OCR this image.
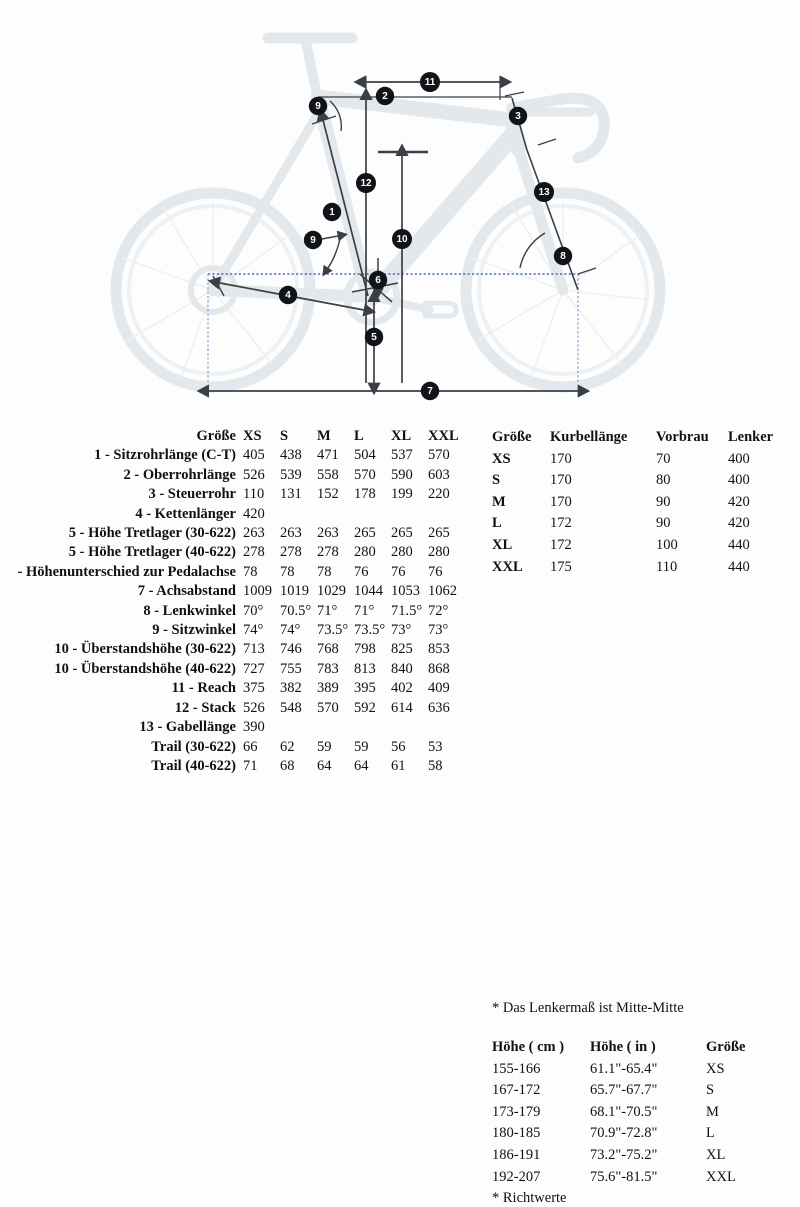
1
2
3
4
5
6
7
8
9
9	10
11
12
13
Größe	XS	S	M	L	XL	XXL
1 - Sitzrohrlänge (C-T)	405	438	471	504	537	570
2 - Oberrohrlänge	526	539	558	570	590	603
3 - Steuerrohr	110	131	152	178	199	220
4 - Kettenlänger	420					
5 - Höhe Tretlager (30-622)	263	263	263	265	265	265
5 - Höhe Tretlager (40-622)	278	278	278	280	280	280
- Höhenunterschied zur Pedalachse	78	78	78	76	76	76
7 - Achsabstand	1009	1019	1029	1044	1053	1062
8 - Lenkwinkel	70°	70.5°	71°	71°	71.5°	72°
9 - Sitzwinkel	74°	74°	73.5°	73.5°	73°	73°
10 - Überstandshöhe (30-622)	713	746	768	798	825	853
10 - Überstandshöhe (40-622)	727	755	783	813	840	868
11 - Reach	375	382	389	395	402	409
12 - Stack	526	548	570	592	614	636
13 - Gabellänge	390					
Trail (30-622)	66	62	59	59	56	53
Trail (40-622)	71	68	64	64	61	58
Größe	Kurbellänge	Vorbrau	Lenker
XS	170	70	400
S	170	80	400
M	170	90	420
L	172	90	420
XL	172	100	440
XXL	175	110	440
* Das Lenkermaß ist Mitte-Mitte
Höhe ( cm )	Höhe ( in )	Größe
155-166	61.1"-65.4"	XS
167-172	65.7"-67.7"	S
173-179	68.1"-70.5"	M
180-185	70.9"-72.8"	L
186-191	73.2"-75.2"	XL
192-207	75.6"-81.5"	XXL
* Richtwerte
